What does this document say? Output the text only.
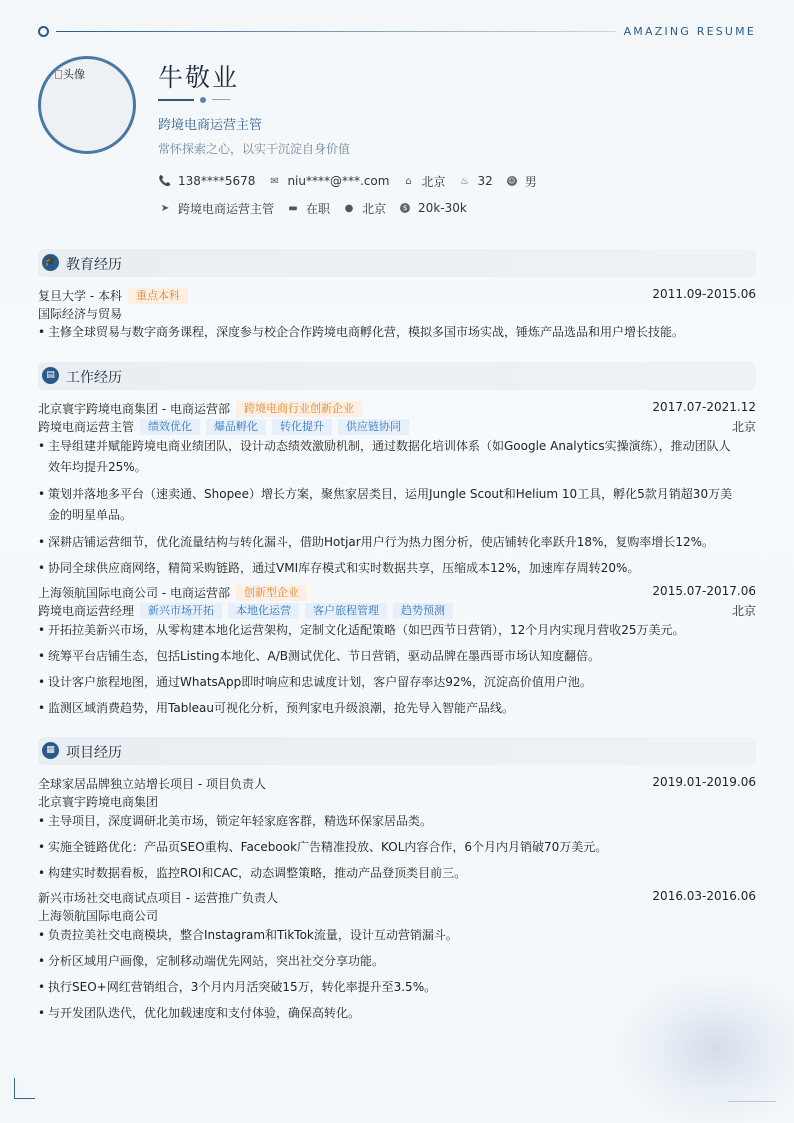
AMAZING RESUME
头像	牛敬业
跨境电商运营主管
常怀探索之心，以实干沉淀自身价值
📞 138****5678 ✉ niu****@***.com	⌂ 北京 ♨ 32 ☺ 男
➤ 跨境电商运营主管 ▬ 在职 ● 北京	$ 20k-30k
🎓 教育经历
复旦大学 - 本科	重点本科	2011.09-2015.06
国际经济与贸易
• 主修全球贸易与数字商务课程，深度参与校企合作跨境电商孵化营，模拟多国市场实战，锤炼产品选品和用户增长技能。
▤ 工作经历
北京寰宇跨境电商集团 - 电商运营部	跨境电商行业创新企业	2017.07-2021.12
跨境电商运营主管	绩效优化	爆品孵化	转化提升	供应链协同	北京
• 主导组建并赋能跨境电商业绩团队，设计动态绩效激励机制，通过数据化培训体系（如Google Analytics实操演练），推动团队人效年均提升25%。
• 策划并落地多平台（速卖通、Shopee）增长方案，聚焦家居类目，运用Jungle Scout和Helium 10工具，孵化5款月销超30万美金的明星单品。
• 深耕店铺运营细节，优化流量结构与转化漏斗，借助Hotjar用户行为热力图分析，使店铺转化率跃升18%，复购率增长12%。
• 协同全球供应商网络，精简采购链路，通过VMI库存模式和实时数据共享，压缩成本12%，加速库存周转20%。
上海领航国际电商公司 - 电商运营部	创新型企业	2015.07-2017.06
跨境电商运营经理	新兴市场开拓	本地化运营	客户旅程管理	趋势预测	北京
• 开拓拉美新兴市场，从零构建本地化运营架构，定制文化适配策略（如巴西节日营销），12个月内实现月营收25万美元。
• 统筹平台店铺生态，包括Listing本地化、A/B测试优化、节日营销，驱动品牌在墨西哥市场认知度翻倍。
• 设计客户旅程地图，通过WhatsApp即时响应和忠诚度计划，客户留存率达92%，沉淀高价值用户池。
• 监测区域消费趋势，用Tableau可视化分析，预判家电升级浪潮，抢先导入智能产品线。
▦ 项目经历
全球家居品牌独立站增长项目 - 项目负责人	2019.01-2019.06
北京寰宇跨境电商集团
• 主导项目，深度调研北美市场，锁定年轻家庭客群，精选环保家居品类。
• 实施全链路优化：产品页SEO重构、Facebook广告精准投放、KOL内容合作，6个月内月销破70万美元。
• 构建实时数据看板，监控ROI和CAC，动态调整策略，推动产品登顶类目前三。
新兴市场社交电商试点项目 - 运营推广负责人	2016.03-2016.06
上海领航国际电商公司
• 负责拉美社交电商模块，整合Instagram和TikTok流量，设计互动营销漏斗。
• 分析区域用户画像，定制移动端优先网站，突出社交分享功能。
• 执行SEO+网红营销组合，3个月内月活突破15万，转化率提升至3.5%。
• 与开发团队迭代，优化加载速度和支付体验，确保高转化。
